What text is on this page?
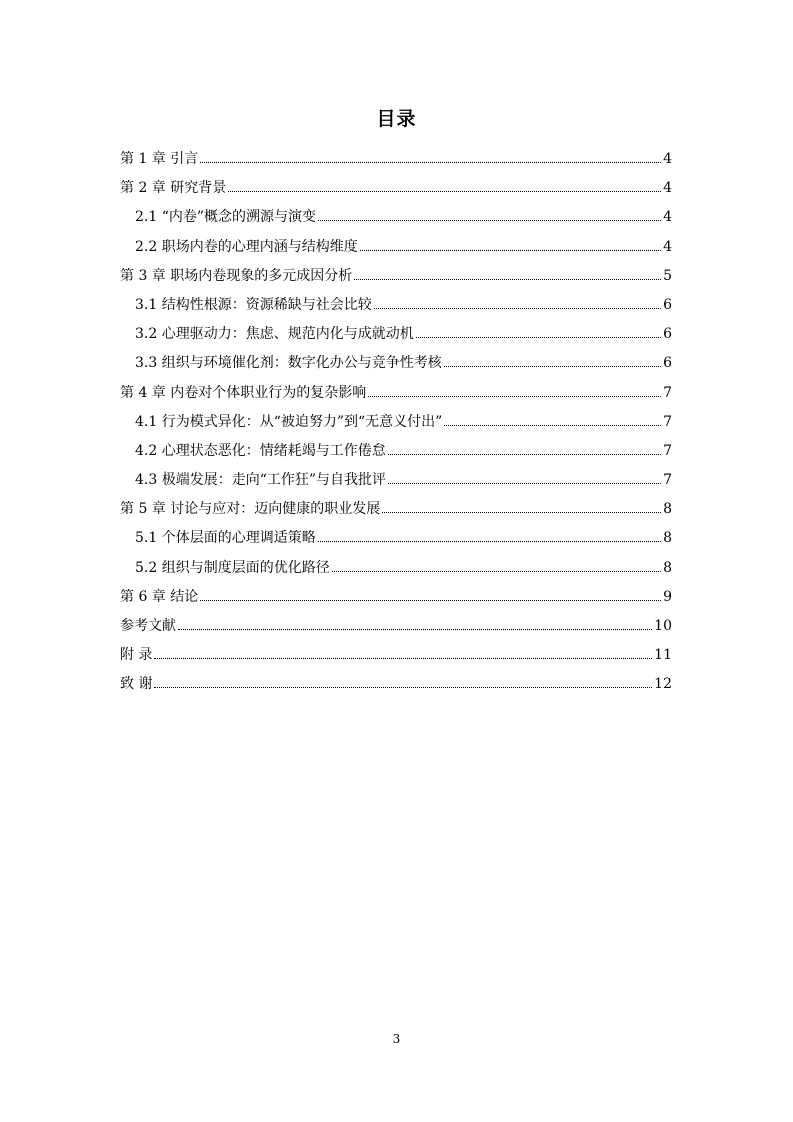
目录
第 1 章 引言	4
第 2 章 研究背景	4
2.1 “内卷”概念的溯源与演变	4
2.2 职场内卷的心理内涵与结构维度	4
第 3 章 职场内卷现象的多元成因分析	5
3.1 结构性根源：资源稀缺与社会比较	6
3.2 心理驱动力：焦虑、规范内化与成就动机	6
3.3 组织与环境催化剂：数字化办公与竞争性考核	6
第 4 章 内卷对个体职业行为的复杂影响	7
4.1 行为模式异化：从“被迫努力”到“无意义付出”	7
4.2 心理状态恶化：情绪耗竭与工作倦怠	7
4.3 极端发展：走向“工作狂”与自我批评	7
第 5 章 讨论与应对：迈向健康的职业发展	8
5.1 个体层面的心理调适策略	8
5.2 组织与制度层面的优化路径	8
第 6 章 结论	9
参考文献	10
附 录	11
致 谢	12
3
